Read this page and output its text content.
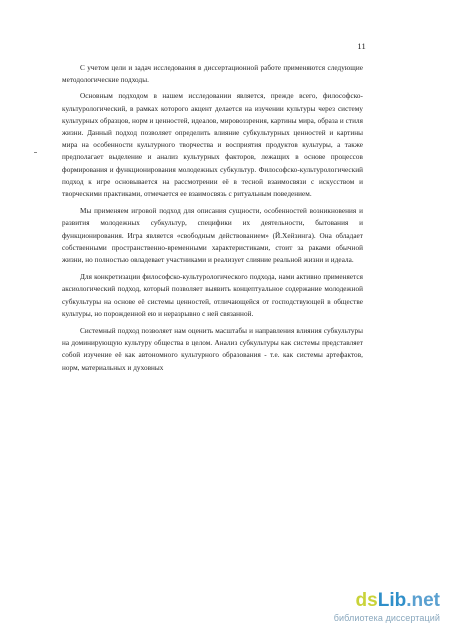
11

С учетом цели и задач исследования в диссертационной работе применяются следующие методологические подходы.

Основным подходом в нашем исследовании является, прежде всего, философско-культурологический, в рамках которого акцент делается на изучении культуры через систему культурных образцов, норм и ценностей, идеалов, мировоззрения, картины мира, образа и стиля жизни. Данный подход позволяет определить влияние субкультурных ценностей и картины мира на особенности культурного творчества и восприятия продуктов культуры, а также предполагает выделение и анализ культурных факторов, лежащих в основе процессов формирования и функционирования молодежных субкультур. Философско-культурологический подход к игре основывается на рассмотрении её в тесной взаимосвязи с искусством и творческими практиками, отмечается ее взаимосвязь с ритуальным поведением.

Мы применяем игровой подход для описания сущности, особенностей возникновения и развития молодежных субкультур, специфики их деятельности, бытования и функционирования. Игра является «свободным действованием» (Й.Хейзинга). Она обладает собственными пространственно-временными характеристиками, стоит за раками обычной жизни, но полностью овладевает участниками и реализует слияние реальной жизни и идеала.

Для конкретизации философско-культурологического подхода, нами активно применяется аксиологический подход, который позволяет выявить концептуальное содержание молодежной субкультуры на основе её системы ценностей, отличающейся от господствующей в обществе культуры, но порожденной ею и неразрывно с ней связанной.

Системный подход позволяет нам оценить масштабы и направления влияния субкультуры на доминирующую культуру общества в целом. Анализ субкультуры как системы представляет собой изучение её как автономного культурного образования - т.е. как системы артефактов, норм, материальных и духовных

dsLib.net
библиотека диссертаций
